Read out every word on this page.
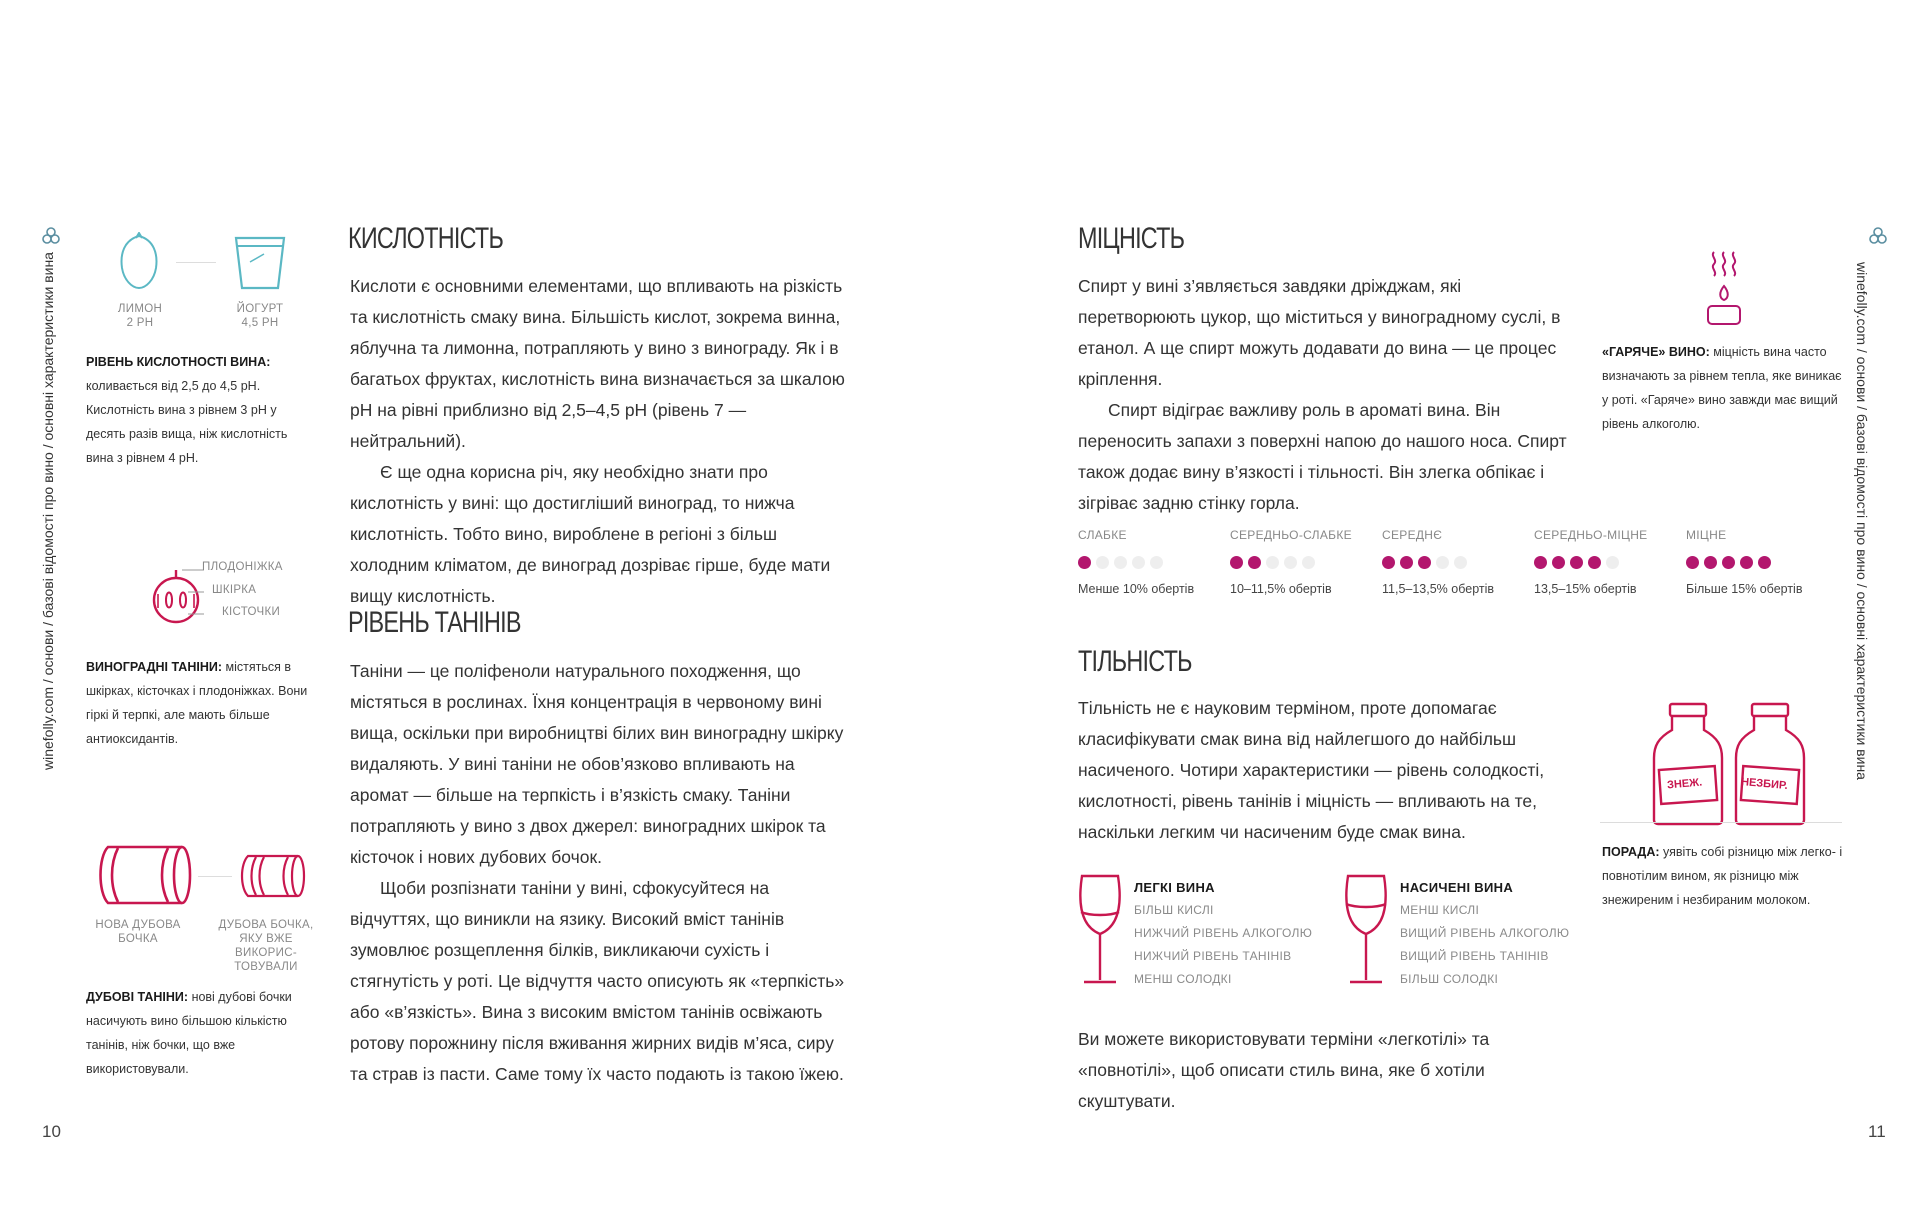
winefolly.com / основи / базові відомості про вино / основні характеристики вина
10
ЛИМОН
2 PH
ЙОГУРТ
4,5 PH
РІВЕНЬ КИСЛОТНОСТІ ВИНА: коливається від 2,5 до 4,5 pH. Кислотність вина з рівнем 3 pH у десять разів вища, ніж кислотність вина з рівнем 4 pH.
ПЛОДОНІЖКА
ШКІРКА
КІСТОЧКИ
ВИНОГРАДНІ ТАНІНИ: містяться в шкірках, кісточках і плодоніжках. Вони гіркі й терпкі, але мають більше антиоксидантів.
НОВА ДУБОВА БОЧКА
ДУБОВА БОЧКА, ЯКУ ВЖЕ ВИКОРИС-ТОВУВАЛИ
ДУБОВІ ТАНІНИ: нові дубові бочки насичують вино більшою кількістю танінів, ніж бочки, що вже використовували.
КИСЛОТНІСТЬ

Кислоти є основними елементами, що впливають на різкість та кислотність смаку вина. Більшість кислот, зокрема винна, яблучна та лимонна, потрапляють у вино з винограду. Як і в багатьох фруктах, кислотність вина визначається за шкалою pH на рівні приблизно від 2,5–4,5 pH (рівень 7 — нейтральний).

Є ще одна корисна річ, яку необхідно знати про кислотність у вині: що достигліший виноград, то нижча кислотність. Тобто вино, вироблене в регіоні з більш холодним кліматом, де виноград дозріває гірше, буде мати вищу кислотність.

РІВЕНЬ ТАНІНІВ

Таніни — це поліфеноли натурального походження, що містяться в рослинах. Їхня концентрація в червоному вині вища, оскільки при виробництві білих вин виноградну шкірку видаляють. У вині таніни не обов’язково впливають на аромат — більше на терпкість і в’язкість смаку. Таніни потрапляють у вино з двох джерел: виноградних шкірок та кісточок і нових дубових бочок.

Щоби розпізнати таніни у вині, сфокусуйтеся на відчуттях, що виникли на язику. Високий вміст танінів зумовлює розщеплення білків, викликаючи сухість і стягнутість у роті. Це відчуття часто описують як «терпкість» або «в’язкість». Вина з високим вмістом танінів освіжають ротову порожнину після вживання жирних видів м’яса, сиру та страв із пасти. Саме тому їх часто подають із такою їжею.

winefolly.com / основи / базові відомості про вино / основні характеристики вина
11
МІЦНІСТЬ

Спирт у вині з’являється завдяки дріжджам, які перетворюють цукор, що міститься у виноградному суслі, в етанол. А ще спирт можуть додавати до вина — це процес кріплення.

Спирт відіграє важливу роль в ароматі вина. Він переносить запахи з поверхні напою до нашого носа. Спирт також додає вину в’язкості і тільності. Він злегка обпікає і зігріває задню стінку горла.

«ГАРЯЧЕ» ВИНО: міцність вина часто визначають за рівнем тепла, яке виникає у роті. «Гаряче» вино завжди має вищий рівень алкоголю.
СЛАБКЕ
Менше 10% обертів
СЕРЕДНЬО-СЛАБКЕ
10–11,5% обертів
СЕРЕДНЄ
11,5–13,5% обертів
СЕРЕДНЬО-МІЦНЕ
13,5–15% обертів
МІЦНЕ
Більше 15% обертів
ТІЛЬНІСТЬ
Тільність не є науковим терміном, проте допомагає класифікувати смак вина від найлегшого до найбільш насиченого. Чотири характеристики — рівень солодкості, кислотності, рівень танінів і міцність — впливають на те, наскільки легким чи насиченим буде смак вина.
ЗНЕЖ.	НЕЗБИР.
ПОРАДА: уявіть собі різницю між легко- і повнотілим вином, як різницю між знежиреним і незбираним молоком.
ЛЕГКІ ВИНА
БІЛЬШ КИСЛІ
НИЖЧИЙ РІВЕНЬ АЛКОГОЛЮ
НИЖЧИЙ РІВЕНЬ ТАНІНІВ
МЕНШ СОЛОДКІ
НАСИЧЕНІ ВИНА
МЕНШ КИСЛІ
ВИЩИЙ РІВЕНЬ АЛКОГОЛЮ
ВИЩИЙ РІВЕНЬ ТАНІНІВ
БІЛЬШ СОЛОДКІ
Ви можете використовувати терміни «легкотілі» та «повнотілі», щоб описати стиль вина, яке б хотіли скуштувати.
